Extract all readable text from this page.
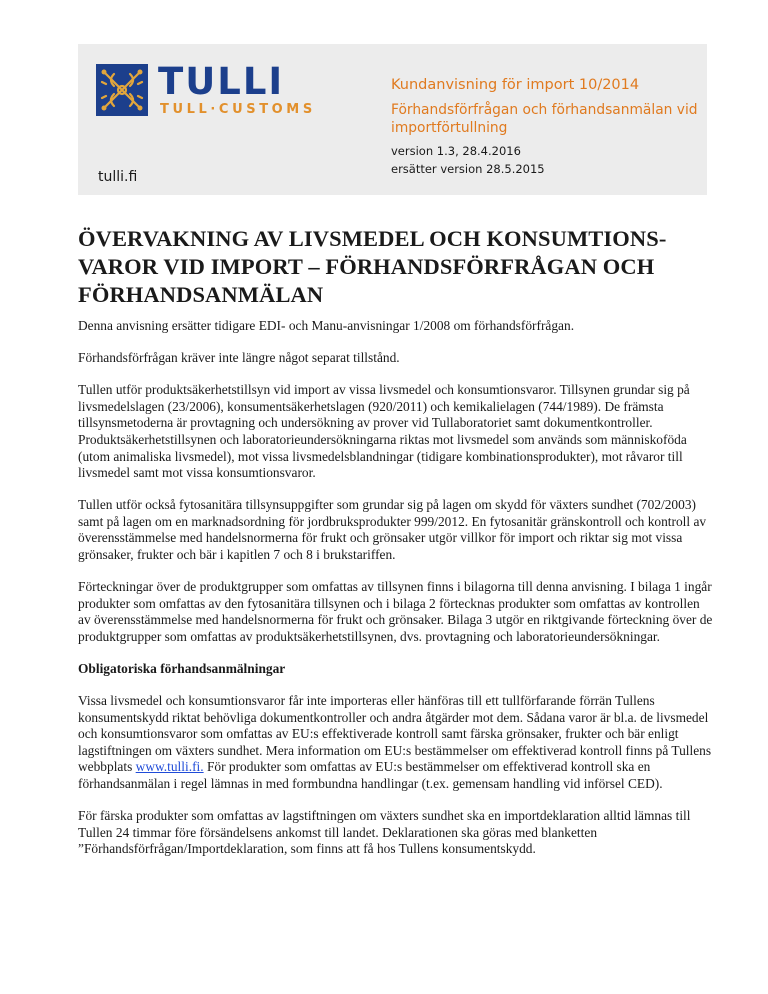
TULLI
TULL·CUSTOMS
tulli.fi
Kundanvisning för import 10/2014
Förhandsförfrågan och förhandsanmälan vid importförtullning
version 1.3, 28.4.2016
ersätter version 28.5.2015
ÖVERVAKNING AV LIVSMEDEL OCH KONSUMTIONS-VAROR VID IMPORT – FÖRHANDSFÖRFRÅGAN OCH FÖRHANDSANMÄLAN

Denna anvisning ersätter tidigare EDI- och Manu-anvisningar 1/2008 om förhandsförfrågan.

Förhandsförfrågan kräver inte längre något separat tillstånd.

Tullen utför produktsäkerhetstillsyn vid import av vissa livsmedel och konsumtionsvaror. Tillsynen grundar sig på livsmedelslagen (23/2006), konsumentsäkerhetslagen (920/2011) och kemikalielagen (744/1989). De främsta tillsynsmetoderna är provtagning och undersökning av prover vid Tullaboratoriet samt dokumentkontroller. Produktsäkerhetstillsynen och laboratorieundersökningarna riktas mot livsmedel som används som människoföda (utom animaliska livsmedel), mot vissa livsmedelsblandningar (tidigare kombinationsprodukter), mot råvaror till livsmedel samt mot vissa konsumtionsvaror.

Tullen utför också fytosanitära tillsynsuppgifter som grundar sig på lagen om skydd för växters sundhet (702/2003) samt på lagen om en marknadsordning för jordbruksprodukter 999/2012. En fytosanitär gränskontroll och kontroll av överensstämmelse med handelsnormerna för frukt och grönsaker utgör villkor för import och riktar sig mot vissa grönsaker, frukter och bär i kapitlen 7 och 8 i brukstariffen.

Förteckningar över de produktgrupper som omfattas av tillsynen finns i bilagorna till denna anvisning. I bilaga 1 ingår produkter som omfattas av den fytosanitära tillsynen och i bilaga 2 förtecknas produkter som omfattas av kontrollen av överensstämmelse med handelsnormerna för frukt och grönsaker. Bilaga 3 utgör en riktgivande förteckning över de produktgrupper som omfattas av produktsäkerhetstillsynen, dvs. provtagning och laboratorieundersökningar.

Obligatoriska förhandsanmälningar

Vissa livsmedel och konsumtionsvaror får inte importeras eller hänföras till ett tullförfarande förrän Tullens konsumentskydd riktat behövliga dokumentkontroller och andra åtgärder mot dem. Sådana varor är bl.a. de livsmedel och konsumtionsvaror som omfattas av EU:s effektiverade kontroll samt färska grönsaker, frukter och bär enligt lagstiftningen om växters sundhet. Mera information om EU:s bestämmelser om effektiverad kontroll finns på Tullens webbplats www.tulli.fi. För produkter som omfattas av EU:s bestämmelser om effektiverad kontroll ska en förhandsanmälan i regel lämnas in med formbundna handlingar (t.ex. gemensam handling vid införsel CED).

För färska produkter som omfattas av lagstiftningen om växters sundhet ska en importdeklaration alltid lämnas till Tullen 24 timmar före försändelsens ankomst till landet. Deklarationen ska göras med blanketten ”Förhandsförfrågan/Importdeklaration, som finns att få hos Tullens konsumentskydd.
